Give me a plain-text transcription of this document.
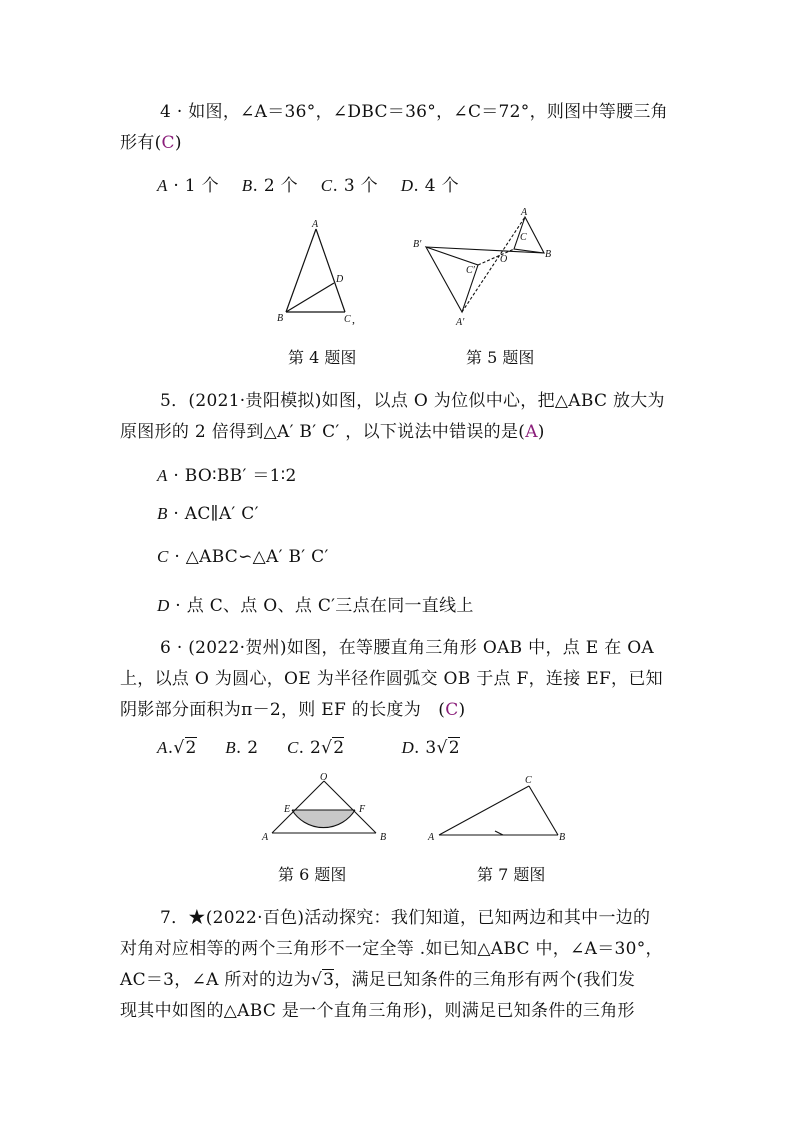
4 · 如图，∠A＝36°，∠DBC＝36°，∠C＝72°，则图中等腰三角
形有(C)
A · 1 个 B. 2 个 C. 3 个 D. 4 个
A
D
B	C ,
A
C
B
O
B′
C′
A′
第 4 题图	第 5 题图
5．(2021·贵阳模拟)如图，以点 O 为位似中心，把△ABC 放大为
原图形的 2 倍得到△A′ B′ C′ ，以下说法中错误的是(A)
A · BO∶BB′ ＝1∶2
B · AC∥A′ C′
C · △ABC∽△A′ B′ C′
D · 点 C、点 O、点 C′三点在同一直线上
6 · (2022·贺州)如图，在等腰直角三角形 OAB 中，点 E 在 OA
上，以点 O 为圆心，OE 为半径作圆弧交 OB 于点 F，连接 EF，已知
阴影部分面积为π－2，则 EF 的长度为　(C)
A.√2 B. 2 C. 2√2	D. 3√2
O
E	F
A	B
C
A	B
第 6 题图	第 7 题图
7．★(2022·百色)活动探究：我们知道，已知两边和其中一边的
对角对应相等的两个三角形不一定全等 .如已知△ABC 中，∠A＝30°，
AC＝3，∠A 所对的边为√3，满足已知条件的三角形有两个(我们发
现其中如图的△ABC 是一个直角三角形)，则满足已知条件的三角形
